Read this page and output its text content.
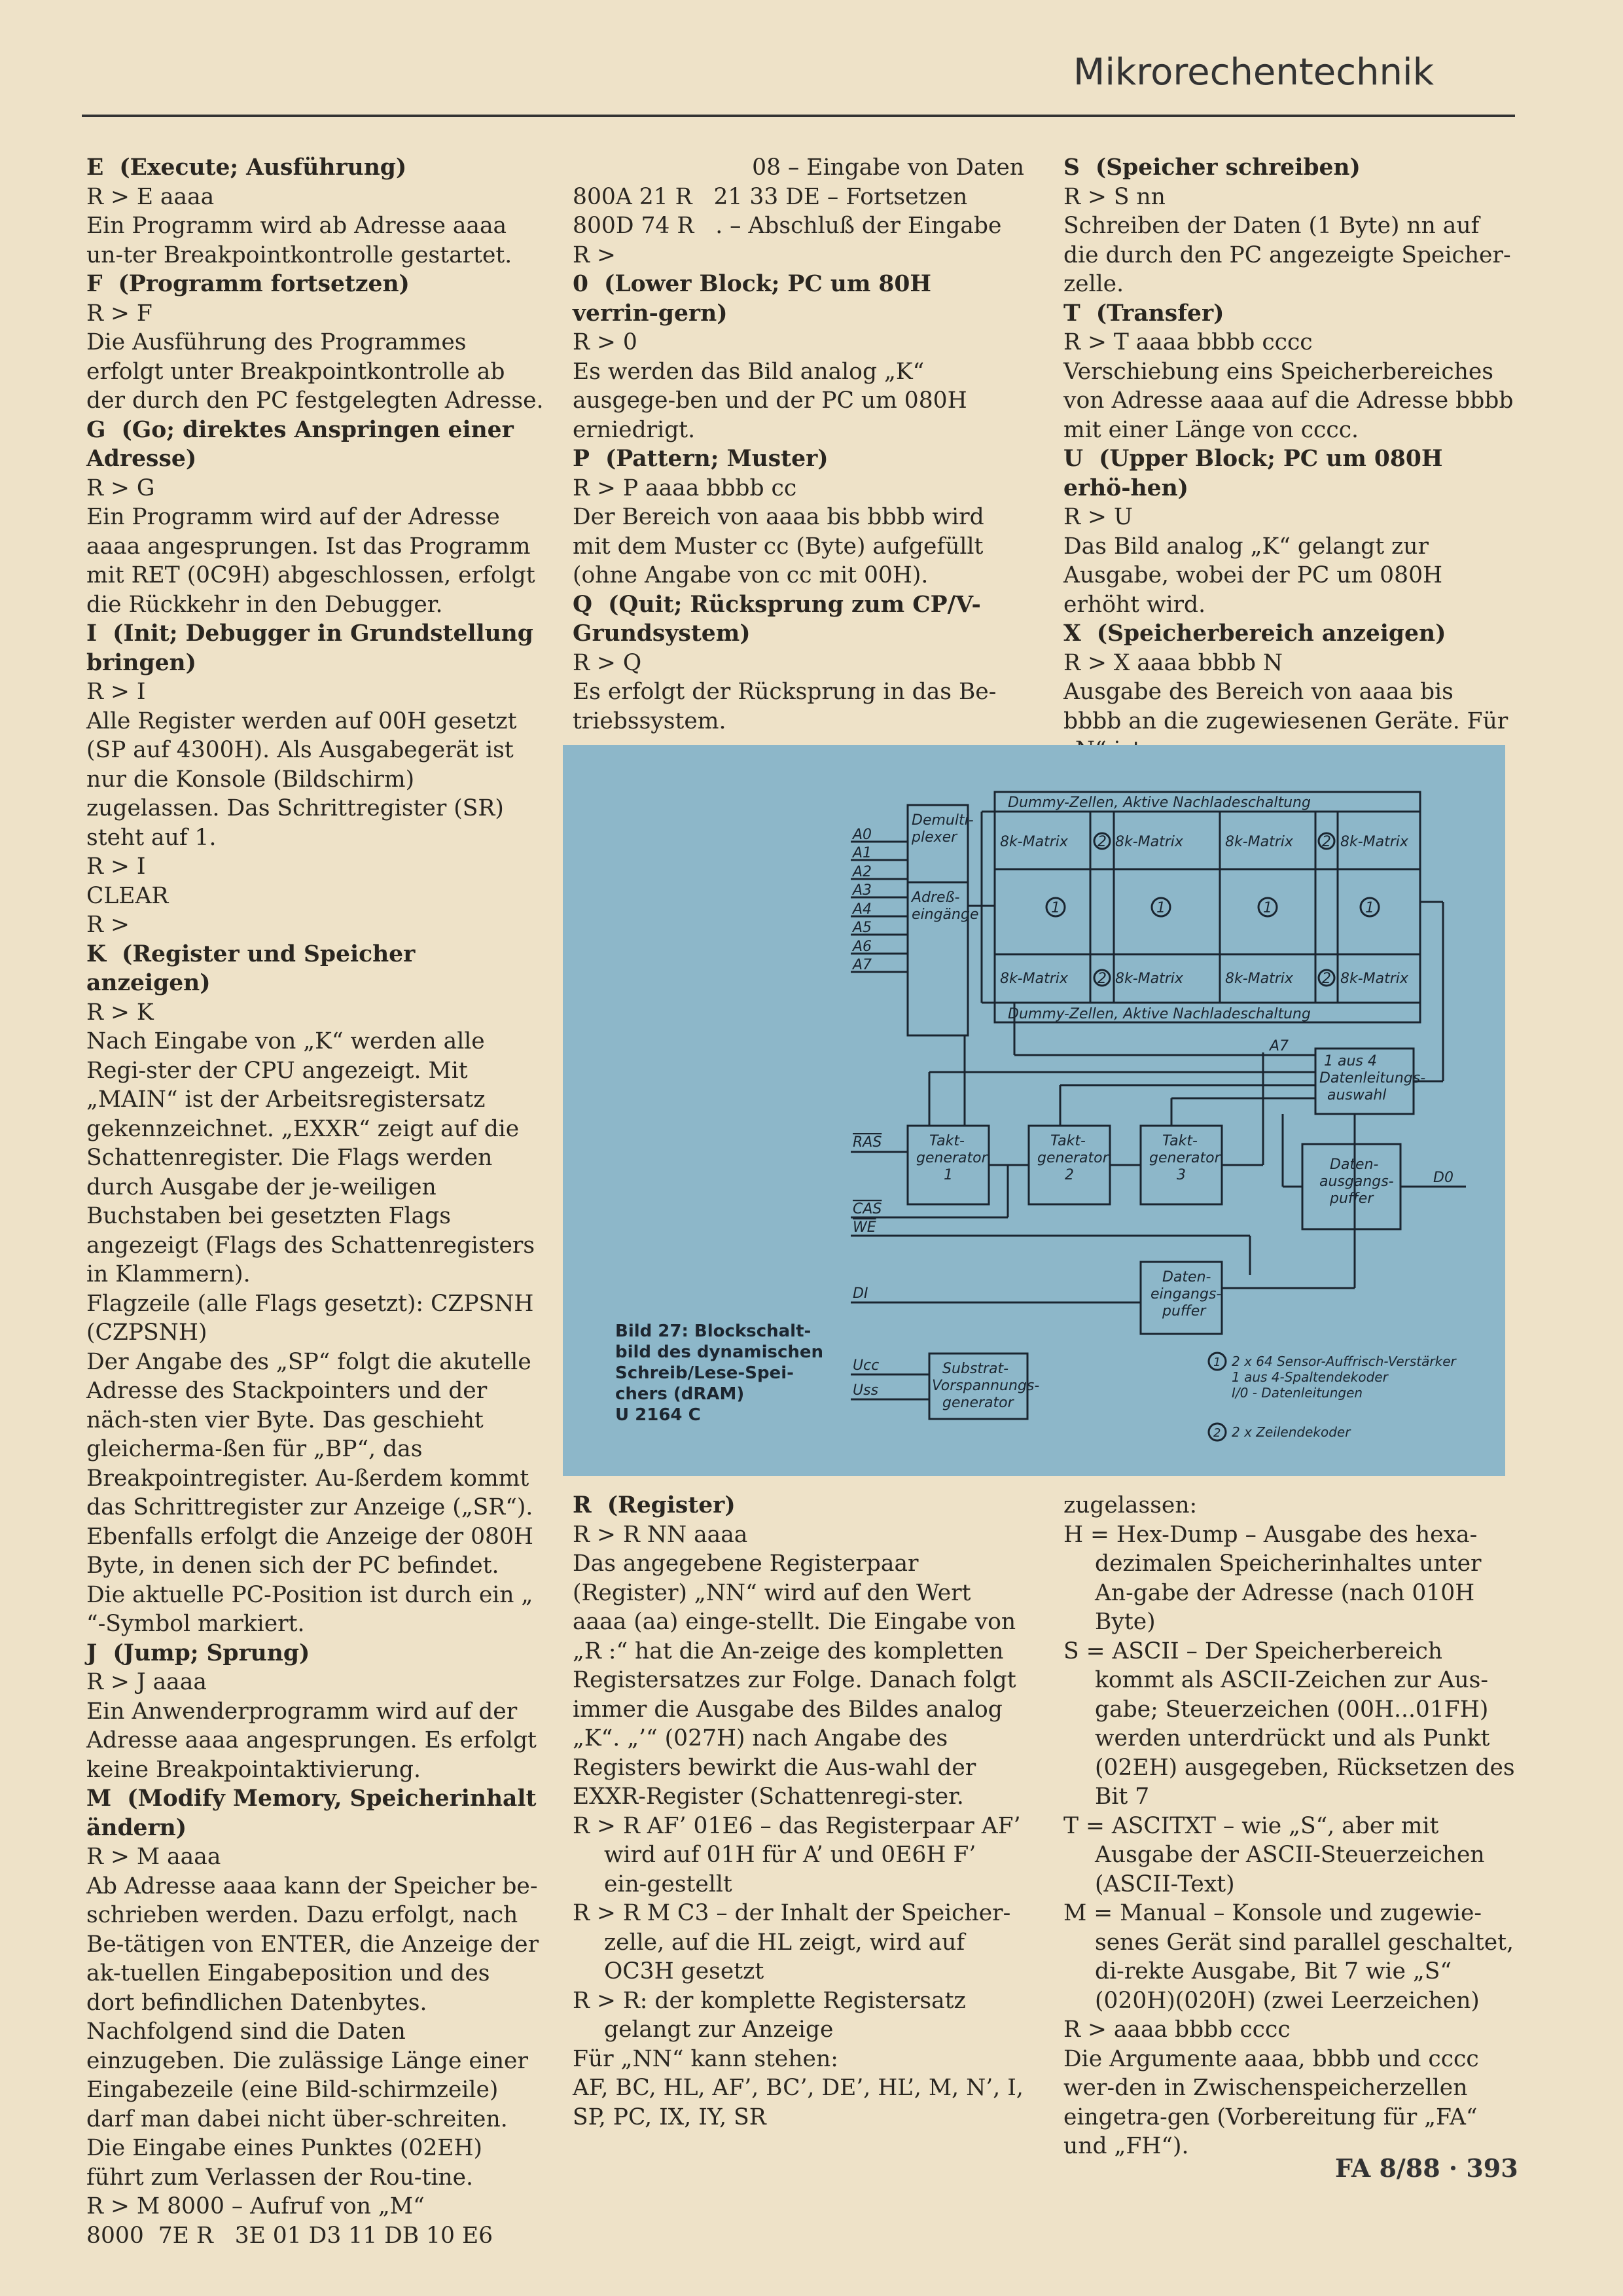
Mikrorechentechnik

E  (Execute; Ausführung)

R > E aaaa

Ein Programm wird ab Adresse aaaa un-ter Breakpointkontrolle gestartet.

F  (Programm fortsetzen)

R > F

Die Ausführung des Programmes erfolgt unter Breakpointkontrolle ab der durch den PC festgelegten Adresse.

G  (Go; direktes Anspringen einer Adresse)

R > G

Ein Programm wird auf der Adresse aaaa angesprungen. Ist das Programm mit RET (0C9H) abgeschlossen, erfolgt die Rückkehr in den Debugger.

I  (Init; Debugger in Grundstellung bringen)

R > I

Alle Register werden auf 00H gesetzt (SP auf 4300H). Als Ausgabegerät ist nur die Konsole (Bildschirm) zugelassen. Das Schrittregister (SR) steht auf 1.

R > I

CLEAR

R >

K  (Register und Speicher anzeigen)

R > K

Nach Eingabe von „K“ werden alle Regi-ster der CPU angezeigt. Mit „MAIN“ ist der Arbeitsregistersatz gekennzeichnet. „EXXR“ zeigt auf die Schattenregister. Die Flags werden durch Ausgabe der je-weiligen Buchstaben bei gesetzten Flags angezeigt (Flags des Schattenregisters in Klammern).

Flagzeile (alle Flags gesetzt): CZPSNH (CZPSNH)

Der Angabe des „SP“ folgt die akutelle Adresse des Stackpointers und der näch-sten vier Byte. Das geschieht gleicherma-ßen für „BP“, das Breakpointregister. Au-ßerdem kommt das Schrittregister zur Anzeige („SR“). Ebenfalls erfolgt die Anzeige der 080H Byte, in denen sich der PC befindet. Die aktuelle PC-Position ist durch ein „ “-Symbol markiert.

J  (Jump; Sprung)

R > J aaaa

Ein Anwenderprogramm wird auf der Adresse aaaa angesprungen. Es erfolgt keine Breakpointaktivierung.

M  (Modify Memory, Speicherinhalt ändern)

R > M aaaa

Ab Adresse aaaa kann der Speicher be-schrieben werden. Dazu erfolgt, nach Be-tätigen von ENTER, die Anzeige der ak-tuellen Eingabeposition und des dort befindlichen Datenbytes. Nachfolgend sind die Daten einzugeben. Die zulässige Länge einer Eingabezeile (eine Bild-schirmzeile) darf man dabei nicht über-schreiten. Die Eingabe eines Punktes (02EH) führt zum Verlassen der Rou-tine.

R > M 8000 – Aufruf von „M“

8000  7E R   3E 01 D3 11 DB 10 E6

08 – Eingabe von Daten

800A 21 R   21 33 DE – Fortsetzen

800D 74 R   . – Abschluß der Eingabe

R >

0  (Lower Block; PC um 80H verrin-gern)

R > 0

Es werden das Bild analog „K“ ausgege-ben und der PC um 080H erniedrigt.

P  (Pattern; Muster)

R > P aaaa bbbb cc

Der Bereich von aaaa bis bbbb wird mit dem Muster cc (Byte) aufgefüllt (ohne Angabe von cc mit 00H).

Q  (Quit; Rücksprung zum CP/V-Grundsystem)

R > Q

Es erfolgt der Rücksprung in das Be-triebssystem.

S  (Speicher schreiben)

R > S nn

Schreiben der Daten (1 Byte) nn auf die durch den PC angezeigte Speicher-zelle.

T  (Transfer)

R > T aaaa bbbb cccc

Verschiebung eins Speicherbereiches von Adresse aaaa auf die Adresse bbbb mit einer Länge von cccc.

U  (Upper Block; PC um 080H erhö-hen)

R > U

Das Bild analog „K“ gelangt zur Ausgabe, wobei der PC um 080H erhöht wird.

X  (Speicherbereich anzeigen)

R > X aaaa bbbb N

Ausgabe des Bereich von aaaa bis bbbb an die zugewiesenen Geräte. Für

Demulti-
plexer
Adreß-
eingänge
Dummy-Zellen, Aktive Nachladeschaltung
Dummy-Zellen, Aktive Nachladeschaltung
8k-Matrix	8k-Matrix	8k-Matrix	8k-Matrix
8k-Matrix	8k-Matrix	8k-Matrix	8k-Matrix
1	1	1	1
2	2
2	2
A0
A1
A2
A3
A4
A5
A6
A7
A7
1 aus 4
Datenleitungs-
auswahl
Takt-
generator
1
Takt-
generator
2
Takt-
generator
3
Daten-
ausgangs-
puffer
Daten-
eingangs-
puffer
Substrat-
Vorspannungs-
generator
RAS
CAS
WE
DI
D0
Ucc
Uss
2 x 64 Sensor-Auffrisch-Verstärker
1 aus 4-Spaltendekoder
I/0 - Datenleitungen
2 x Zeilendekoder
1
2

Bild 27: Blockschalt-

bild des dynamischen

Schreib/Lese-Spei-

chers (dRAM)

U 2164 C

R  (Register)

R > R NN aaaa

Das angegebene Registerpaar (Register) „NN“ wird auf den Wert aaaa (aa) einge-stellt. Die Eingabe von „R :“ hat die An-zeige des kompletten Registersatzes zur Folge. Danach folgt immer die Ausgabe des Bildes analog „K“. „’“ (027H) nach Angabe des Registers bewirkt die Aus-wahl der EXXR-Register (Schattenregi-ster.

R > R AF’ 01E6 – das Registerpaar AF’ wird auf 01H für A’ und 0E6H F’ ein-gestellt

R > R M C3 – der Inhalt der Speicher-zelle, auf die HL zeigt, wird auf OC3H gesetzt

R > R: der komplette Registersatz gelangt zur Anzeige

Für „NN“ kann stehen:

AF, BC, HL, AF’, BC’, DE’, HL’, M, N’, I, SP, PC, IX, IY, SR

zugelassen:

H = Hex-Dump – Ausgabe des hexa-dezimalen Speicherinhaltes unter An-gabe der Adresse (nach 010H Byte)

S = ASCII – Der Speicherbereich kommt als ASCII-Zeichen zur Aus-gabe; Steuerzeichen (00H...01FH) werden unterdrückt und als Punkt (02EH) ausgegeben, Rücksetzen des Bit 7

T = ASCITXT – wie „S“, aber mit Ausgabe der ASCII-Steuerzeichen (ASCII-Text)

M = Manual – Konsole und zugewie-senes Gerät sind parallel geschaltet, di-rekte Ausgabe, Bit 7 wie „S“ (020H)(020H) (zwei Leerzeichen)

R > aaaa bbbb cccc

Die Argumente aaaa, bbbb und cccc wer-den in Zwischenspeicherzellen eingetra-gen (Vorbereitung für „FA“ und „FH“).

FA 8/88 · 393
